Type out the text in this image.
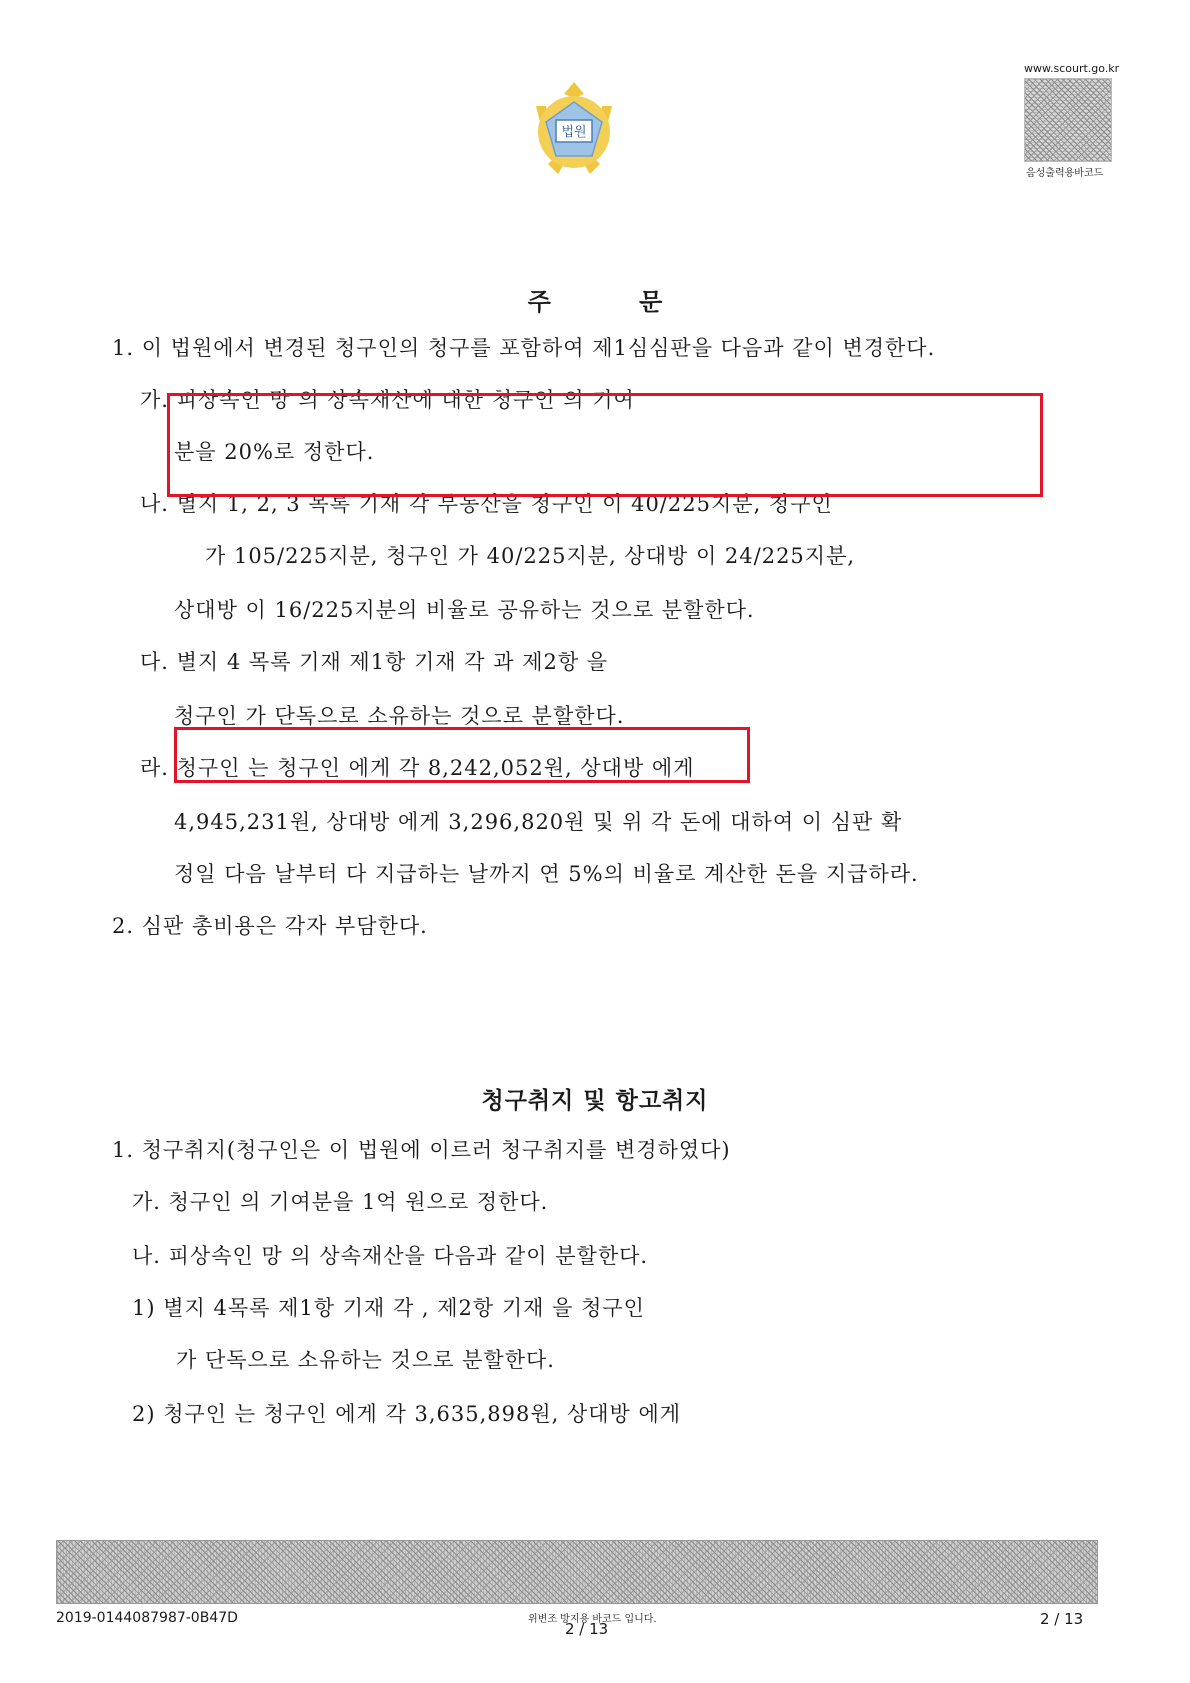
법원
www.scourt.go.kr
음성출력용바코드
주 문
1. 이 법원에서 변경된 청구인의 청구를 포함하여 제1심심판을 다음과 같이 변경한다.
가. 피상속인 망 의 상속재산에 대한 청구인 의 기여
분을 20%로 정한다.
나. 별지 1, 2, 3 목록 기재 각 부동산을 청구인 이 40/225지분, 청구인
가 105/225지분, 청구인 가 40/225지분, 상대방 이 24/225지분,
상대방 이 16/225지분의 비율로 공유하는 것으로 분할한다.
다. 별지 4 목록 기재 제1항 기재 각 과 제2항 을
청구인 가 단독으로 소유하는 것으로 분할한다.
라. 청구인 는 청구인 에게 각 8,242,052원, 상대방 에게
4,945,231원, 상대방 에게 3,296,820원 및 위 각 돈에 대하여 이 심판 확
정일 다음 날부터 다 지급하는 날까지 연 5%의 비율로 계산한 돈을 지급하라.
2. 심판 총비용은 각자 부담한다.
청구취지 및 항고취지
1. 청구취지(청구인은 이 법원에 이르러 청구취지를 변경하였다)
가. 청구인 의 기여분을 1억 원으로 정한다.
나. 피상속인 망 의 상속재산을 다음과 같이 분할한다.
1) 별지 4목록 제1항 기재 각 , 제2항 기재 을 청구인
가 단독으로 소유하는 것으로 분할한다.
2) 청구인 는 청구인 에게 각 3,635,898원, 상대방 에게
2019-0144087987-0B47D	위변조 방지용 바코드 입니다.
2 / 13
2 / 13
